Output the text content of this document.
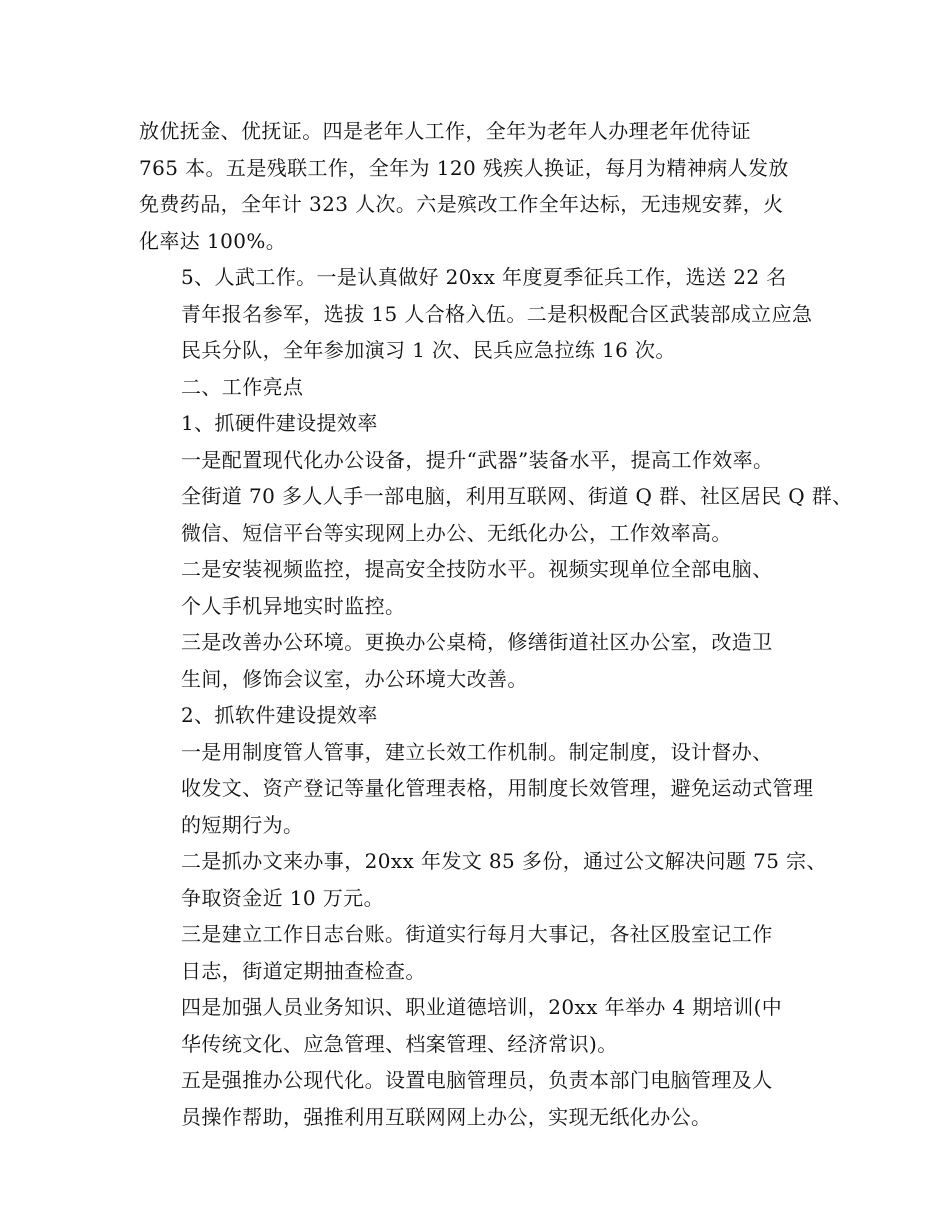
放优抚金、优抚证。四是老年人工作，全年为老年人办理老年优待证
765 本。五是残联工作，全年为 120 残疾人换证，每月为精神病人发放
免费药品，全年计 323 人次。六是殡改工作全年达标，无违规安葬，火
化率达 100%。
5、人武工作。一是认真做好 20xx 年度夏季征兵工作，选送 22 名
青年报名参军，选拔 15 人合格入伍。二是积极配合区武装部成立应急
民兵分队，全年参加演习 1 次、民兵应急拉练 16 次。
二、工作亮点
1、抓硬件建设提效率
一是配置现代化办公设备，提升“武器”装备水平，提高工作效率。
全街道 70 多人人手一部电脑，利用互联网、街道 Q 群、社区居民 Q 群、
微信、短信平台等实现网上办公、无纸化办公，工作效率高。
二是安装视频监控，提高安全技防水平。视频实现单位全部电脑、
个人手机异地实时监控。
三是改善办公环境。更换办公桌椅，修缮街道社区办公室，改造卫
生间，修饰会议室，办公环境大改善。
2、抓软件建设提效率
一是用制度管人管事，建立长效工作机制。制定制度，设计督办、
收发文、资产登记等量化管理表格，用制度长效管理，避免运动式管理
的短期行为。
二是抓办文来办事，20xx 年发文 85 多份，通过公文解决问题 75 宗、
争取资金近 10 万元。
三是建立工作日志台账。街道实行每月大事记，各社区股室记工作
日志，街道定期抽查检查。
四是加强人员业务知识、职业道德培训，20xx 年举办 4 期培训(中
华传统文化、应急管理、档案管理、经济常识)。
五是强推办公现代化。设置电脑管理员，负责本部门电脑管理及人
员操作帮助，强推利用互联网网上办公，实现无纸化办公。
